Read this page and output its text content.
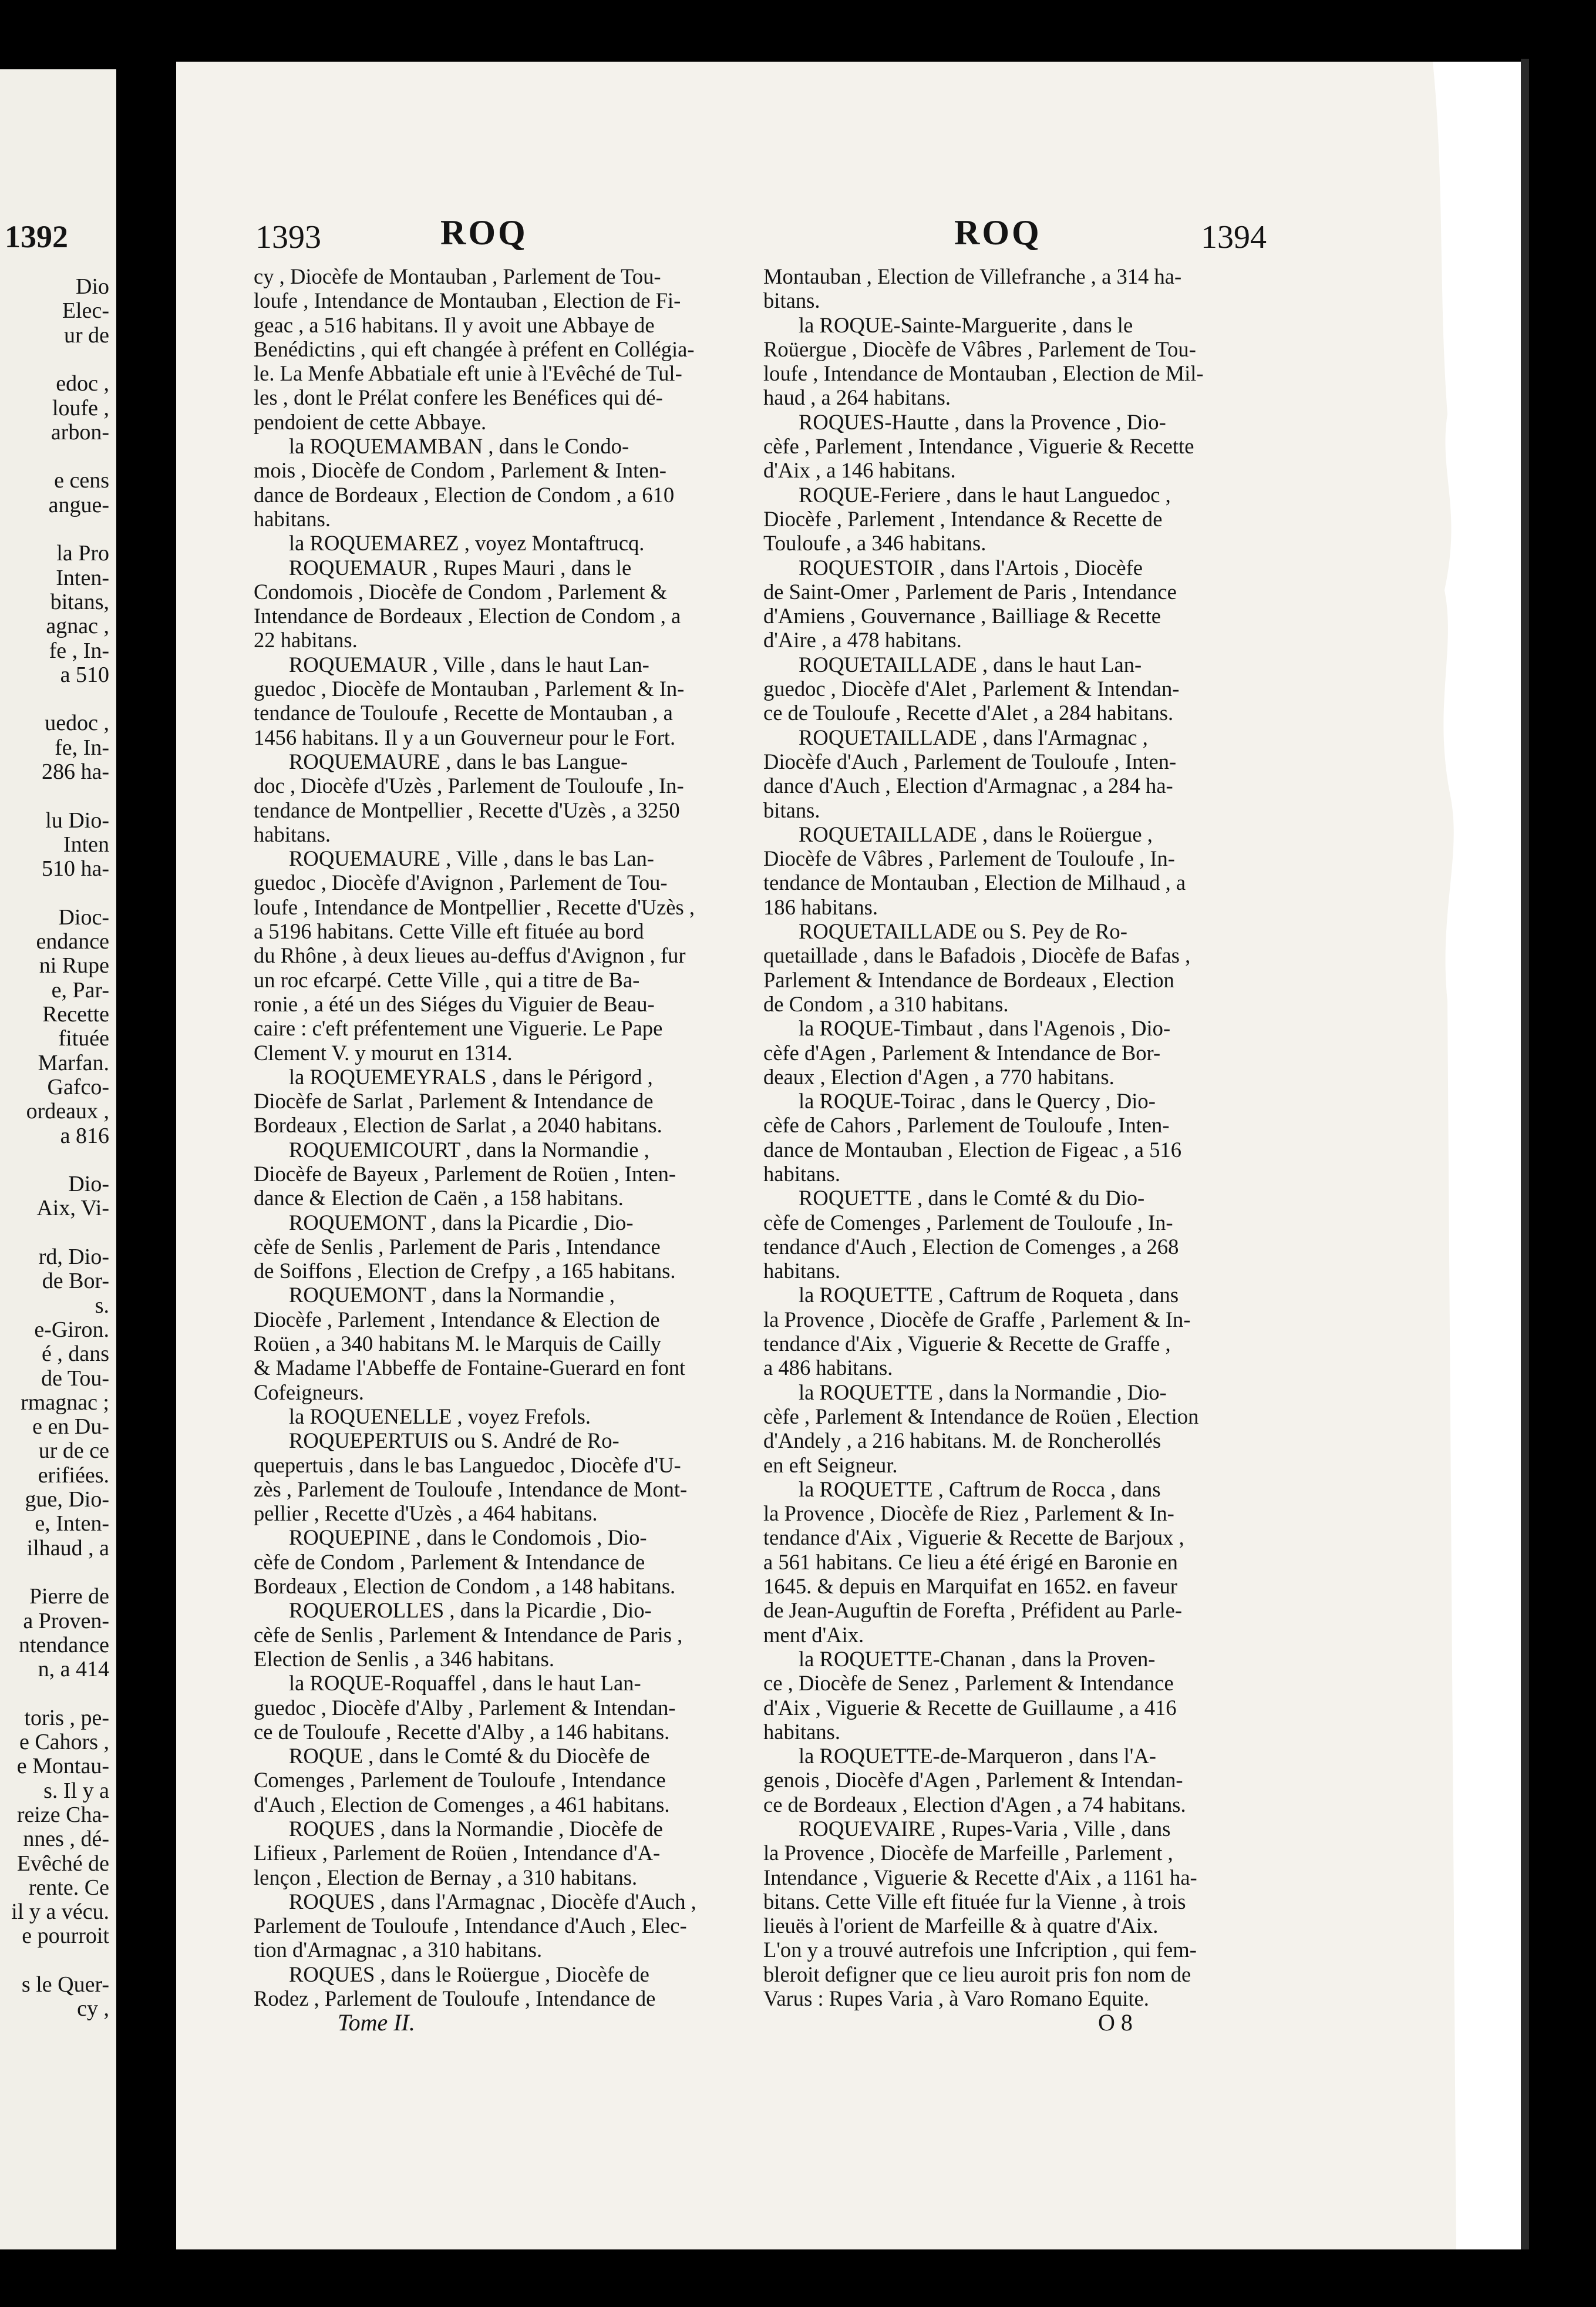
1392
Dio
Elec-
ur de
edoc ,
loufe ,
arbon-
e cens
angue-
la Pro
Inten-
bitans,
agnac ,
fe , In-
a 510
uedoc ,
fe, In-
286 ha-
lu Dio-
Inten
510 ha-
Dioc-
endance
ni Rupe
e, Par-
Recette
fituée
Marfan.
Gafco-
ordeaux ,
a 816
Dio-
Aix, Vi-
rd, Dio-
de Bor-
s.
e-Giron.
é , dans
de Tou-
rmagnac ;
e en Du-
ur de ce
erifiées.
gue, Dio-
e, Inten-
ilhaud , a
Pierre de
a Proven-
ntendance
n, a 414
toris , pe-
e Cahors ,
e Montau-
s. Il y a
reize Cha-
nnes , dé-
Evêché de
rente. Ce
il y a vécu.
e pourroit
s le Quer-
cy ,
1393	ROQ	ROQ	1394

cy , Diocèfe de Montauban , Parlement de Tou-
loufe , Intendance de Montauban , Election de Fi-
geac , a 516 habitans. Il y avoit une Abbaye de
Benédictins , qui eft changée à préfent en Collégia-
le. La Menfe Abbatiale eft unie à l'Evêché de Tul-
les , dont le Prélat confere les Benéfices qui dé-
pendoient de cette Abbaye.

la ROQUEMAMBAN , dans le Condo-
mois , Diocèfe de Condom , Parlement & Inten-
dance de Bordeaux , Election de Condom , a 610
habitans.

la ROQUEMAREZ , voyez Montaftrucq.

ROQUEMAUR , Rupes Mauri , dans le
Condomois , Diocèfe de Condom , Parlement &
Intendance de Bordeaux , Election de Condom , a
22 habitans.

ROQUEMAUR , Ville , dans le haut Lan-
guedoc , Diocèfe de Montauban , Parlement & In-
tendance de Touloufe , Recette de Montauban , a
1456 habitans. Il y a un Gouverneur pour le Fort.

ROQUEMAURE , dans le bas Langue-
doc , Diocèfe d'Uzès , Parlement de Touloufe , In-
tendance de Montpellier , Recette d'Uzès , a 3250
habitans.

ROQUEMAURE , Ville , dans le bas Lan-
guedoc , Diocèfe d'Avignon , Parlement de Tou-
loufe , Intendance de Montpellier , Recette d'Uzès ,
a 5196 habitans. Cette Ville eft fituée au bord
du Rhône , à deux lieues au-deffus d'Avignon , fur
un roc efcarpé. Cette Ville , qui a titre de Ba-
ronie , a été un des Siéges du Viguier de Beau-
caire : c'eft préfentement une Viguerie. Le Pape
Clement V. y mourut en 1314.

la ROQUEMEYRALS , dans le Périgord ,
Diocèfe de Sarlat , Parlement & Intendance de
Bordeaux , Election de Sarlat , a 2040 habitans.

ROQUEMICOURT , dans la Normandie ,
Diocèfe de Bayeux , Parlement de Roüen , Inten-
dance & Election de Caën , a 158 habitans.

ROQUEMONT , dans la Picardie , Dio-
cèfe de Senlis , Parlement de Paris , Intendance
de Soiffons , Election de Crefpy , a 165 habitans.

ROQUEMONT , dans la Normandie ,
Diocèfe , Parlement , Intendance & Election de
Roüen , a 340 habitans M. le Marquis de Cailly
& Madame l'Abbeffe de Fontaine-Guerard en font
Cofeigneurs.

la ROQUENELLE , voyez Frefols.

ROQUEPERTUIS ou S. André de Ro-
quepertuis , dans le bas Languedoc , Diocèfe d'U-
zès , Parlement de Touloufe , Intendance de Mont-
pellier , Recette d'Uzès , a 464 habitans.

ROQUEPINE , dans le Condomois , Dio-
cèfe de Condom , Parlement & Intendance de
Bordeaux , Election de Condom , a 148 habitans.

ROQUEROLLES , dans la Picardie , Dio-
cèfe de Senlis , Parlement & Intendance de Paris ,
Election de Senlis , a 346 habitans.

la ROQUE-Roquaffel , dans le haut Lan-
guedoc , Diocèfe d'Alby , Parlement & Intendan-
ce de Touloufe , Recette d'Alby , a 146 habitans.

ROQUE , dans le Comté & du Diocèfe de
Comenges , Parlement de Touloufe , Intendance
d'Auch , Election de Comenges , a 461 habitans.

ROQUES , dans la Normandie , Diocèfe de
Lifieux , Parlement de Roüen , Intendance d'A-
lençon , Election de Bernay , a 310 habitans.

ROQUES , dans l'Armagnac , Diocèfe d'Auch ,
Parlement de Touloufe , Intendance d'Auch , Elec-
tion d'Armagnac , a 310 habitans.

ROQUES , dans le Roüergue , Diocèfe de
Rodez , Parlement de Touloufe , Intendance de

Montauban , Election de Villefranche , a 314 ha-
bitans.

la ROQUE-Sainte-Marguerite , dans le
Roüergue , Diocèfe de Vâbres , Parlement de Tou-
loufe , Intendance de Montauban , Election de Mil-
haud , a 264 habitans.

ROQUES-Hautte , dans la Provence , Dio-
cèfe , Parlement , Intendance , Viguerie & Recette
d'Aix , a 146 habitans.

ROQUE-Feriere , dans le haut Languedoc ,
Diocèfe , Parlement , Intendance & Recette de
Touloufe , a 346 habitans.

ROQUESTOIR , dans l'Artois , Diocèfe
de Saint-Omer , Parlement de Paris , Intendance
d'Amiens , Gouvernance , Bailliage & Recette
d'Aire , a 478 habitans.

ROQUETAILLADE , dans le haut Lan-
guedoc , Diocèfe d'Alet , Parlement & Intendan-
ce de Touloufe , Recette d'Alet , a 284 habitans.

ROQUETAILLADE , dans l'Armagnac ,
Diocèfe d'Auch , Parlement de Touloufe , Inten-
dance d'Auch , Election d'Armagnac , a 284 ha-
bitans.

ROQUETAILLADE , dans le Roüergue ,
Diocèfe de Vâbres , Parlement de Touloufe , In-
tendance de Montauban , Election de Milhaud , a
186 habitans.

ROQUETAILLADE ou S. Pey de Ro-
quetaillade , dans le Bafadois , Diocèfe de Bafas ,
Parlement & Intendance de Bordeaux , Election
de Condom , a 310 habitans.

la ROQUE-Timbaut , dans l'Agenois , Dio-
cèfe d'Agen , Parlement & Intendance de Bor-
deaux , Election d'Agen , a 770 habitans.

la ROQUE-Toirac , dans le Quercy , Dio-
cèfe de Cahors , Parlement de Touloufe , Inten-
dance de Montauban , Election de Figeac , a 516
habitans.

ROQUETTE , dans le Comté & du Dio-
cèfe de Comenges , Parlement de Touloufe , In-
tendance d'Auch , Election de Comenges , a 268
habitans.

la ROQUETTE , Caftrum de Roqueta , dans
la Provence , Diocèfe de Graffe , Parlement & In-
tendance d'Aix , Viguerie & Recette de Graffe ,
a 486 habitans.

la ROQUETTE , dans la Normandie , Dio-
cèfe , Parlement & Intendance de Roüen , Election
d'Andely , a 216 habitans. M. de Roncherollés
en eft Seigneur.

la ROQUETTE , Caftrum de Rocca , dans
la Provence , Diocèfe de Riez , Parlement & In-
tendance d'Aix , Viguerie & Recette de Barjoux ,
a 561 habitans. Ce lieu a été érigé en Baronie en
1645. & depuis en Marquifat en 1652. en faveur
de Jean-Auguftin de Forefta , Préfident au Parle-
ment d'Aix.

la ROQUETTE-Chanan , dans la Proven-
ce , Diocèfe de Senez , Parlement & Intendance
d'Aix , Viguerie & Recette de Guillaume , a 416
habitans.

la ROQUETTE-de-Marqueron , dans l'A-
genois , Diocèfe d'Agen , Parlement & Intendan-
ce de Bordeaux , Election d'Agen , a 74 habitans.

ROQUEVAIRE , Rupes-Varia , Ville , dans
la Provence , Diocèfe de Marfeille , Parlement ,
Intendance , Viguerie & Recette d'Aix , a 1161 ha-
bitans. Cette Ville eft fituée fur la Vienne , à trois
lieuës à l'orient de Marfeille & à quatre d'Aix.
L'on y a trouvé autrefois une Infcription , qui fem-
bleroit defigner que ce lieu auroit pris fon nom de
Varus : Rupes Varia , à Varo Romano Equite.

Tome II.	O 8
